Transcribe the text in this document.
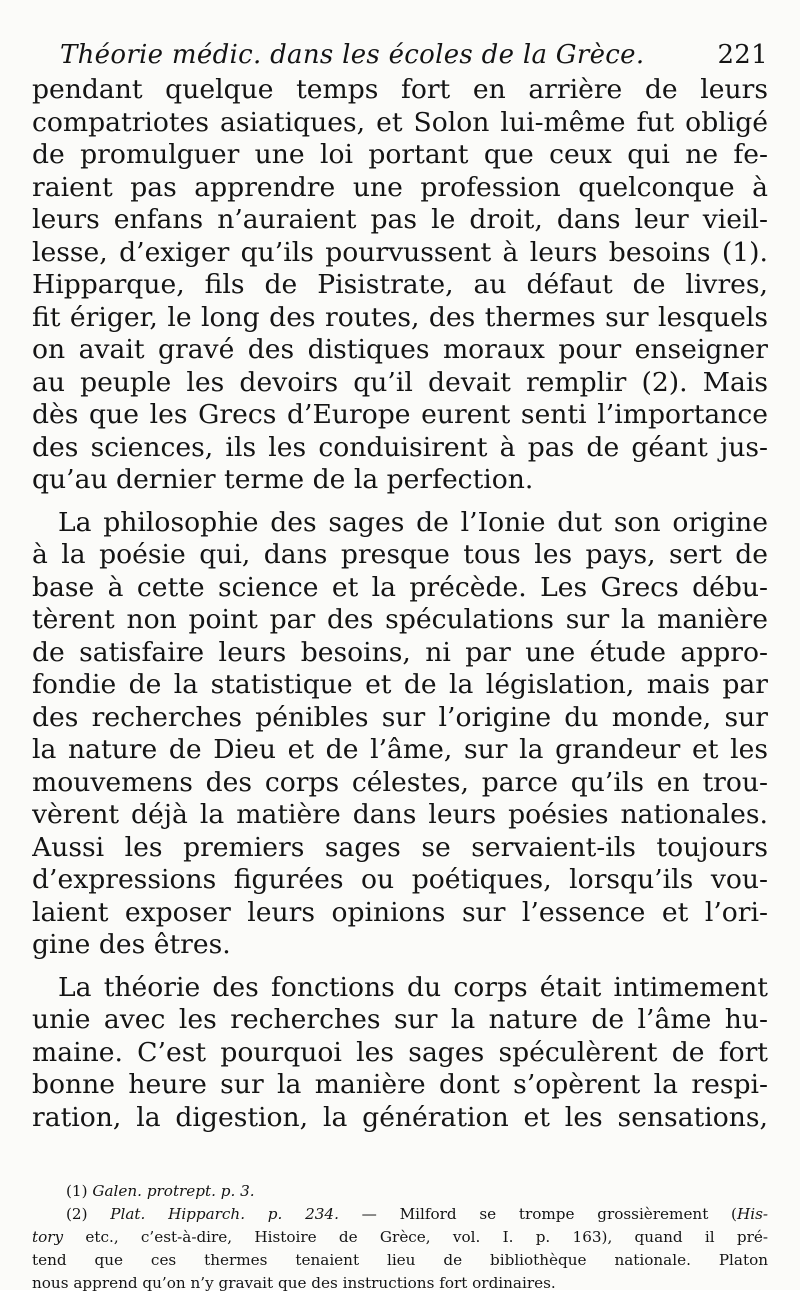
Théorie médic. dans les écoles de la Grèce.	221
pendant quelque temps fort en arrière de leurs
compatriotes asiatiques, et Solon lui-même fut obligé
de promulguer une loi portant que ceux qui ne fe-
raient pas apprendre une profession quelconque à
leurs enfans n’auraient pas le droit, dans leur vieil-
lesse, d’exiger qu’ils pourvussent à leurs besoins (1).
Hipparque, fils de Pisistrate, au défaut de livres,
fit ériger, le long des routes, des thermes sur lesquels
on avait gravé des distiques moraux pour enseigner
au peuple les devoirs qu’il devait remplir (2). Mais
dès que les Grecs d’Europe eurent senti l’importance
des sciences, ils les conduisirent à pas de géant jus-
qu’au dernier terme de la perfection.
La philosophie des sages de l’Ionie dut son origine
à la poésie qui, dans presque tous les pays, sert de
base à cette science et la précède. Les Grecs débu-
tèrent non point par des spéculations sur la manière
de satisfaire leurs besoins, ni par une étude appro-
fondie de la statistique et de la législation, mais par
des recherches pénibles sur l’origine du monde, sur
la nature de Dieu et de l’âme, sur la grandeur et les
mouvemens des corps célestes, parce qu’ils en trou-
vèrent déjà la matière dans leurs poésies nationales.
Aussi les premiers sages se servaient-ils toujours
d’expressions figurées ou poétiques, lorsqu’ils vou-
laient exposer leurs opinions sur l’essence et l’ori-
gine des êtres.
La théorie des fonctions du corps était intimement
unie avec les recherches sur la nature de l’âme hu-
maine. C’est pourquoi les sages spéculèrent de fort
bonne heure sur la manière dont s’opèrent la respi-
ration, la digestion, la génération et les sensations,
(1) Galen. protrept. p. 3.
(2) Plat. Hipparch. p. 234. — Milford se trompe grossièrement (His-
tory etc., c’est-à-dire, Histoire de Grèce, vol. I. p. 163), quand il pré-
tend que ces thermes tenaient lieu de bibliothèque nationale. Platon
nous apprend qu’on n’y gravait que des instructions fort ordinaires.
